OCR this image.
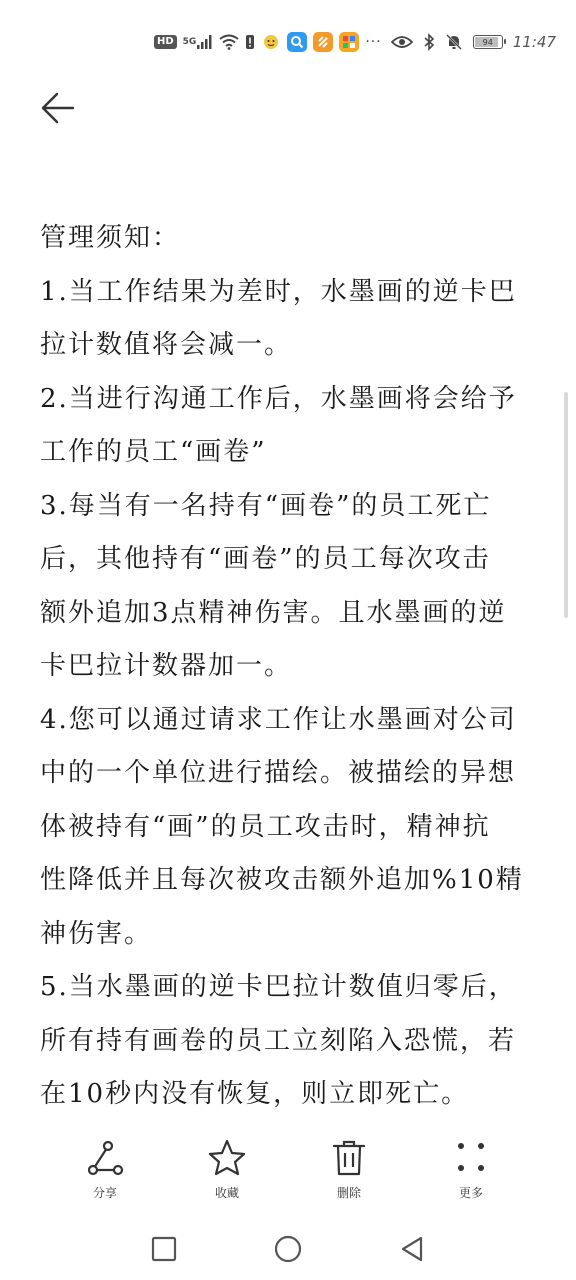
HD	5G	···	94 11:47
管理须知：
1.当工作结果为差时，水墨画的逆卡巴
拉计数值将会减一。
2.当进行沟通工作后，水墨画将会给予
工作的员工“画卷”
3.每当有一名持有“画卷”的员工死亡
后，其他持有“画卷”的员工每次攻击
额外追加3点精神伤害。且水墨画的逆
卡巴拉计数器加一。
4.您可以通过请求工作让水墨画对公司
中的一个单位进行描绘。被描绘的异想
体被持有“画”的员工攻击时，精神抗
性降低并且每次被攻击额外追加%10精
神伤害。
5.当水墨画的逆卡巴拉计数值归零后，
所有持有画卷的员工立刻陷入恐慌，若
在10秒内没有恢复，则立即死亡。
分享	收藏	删除	更多
